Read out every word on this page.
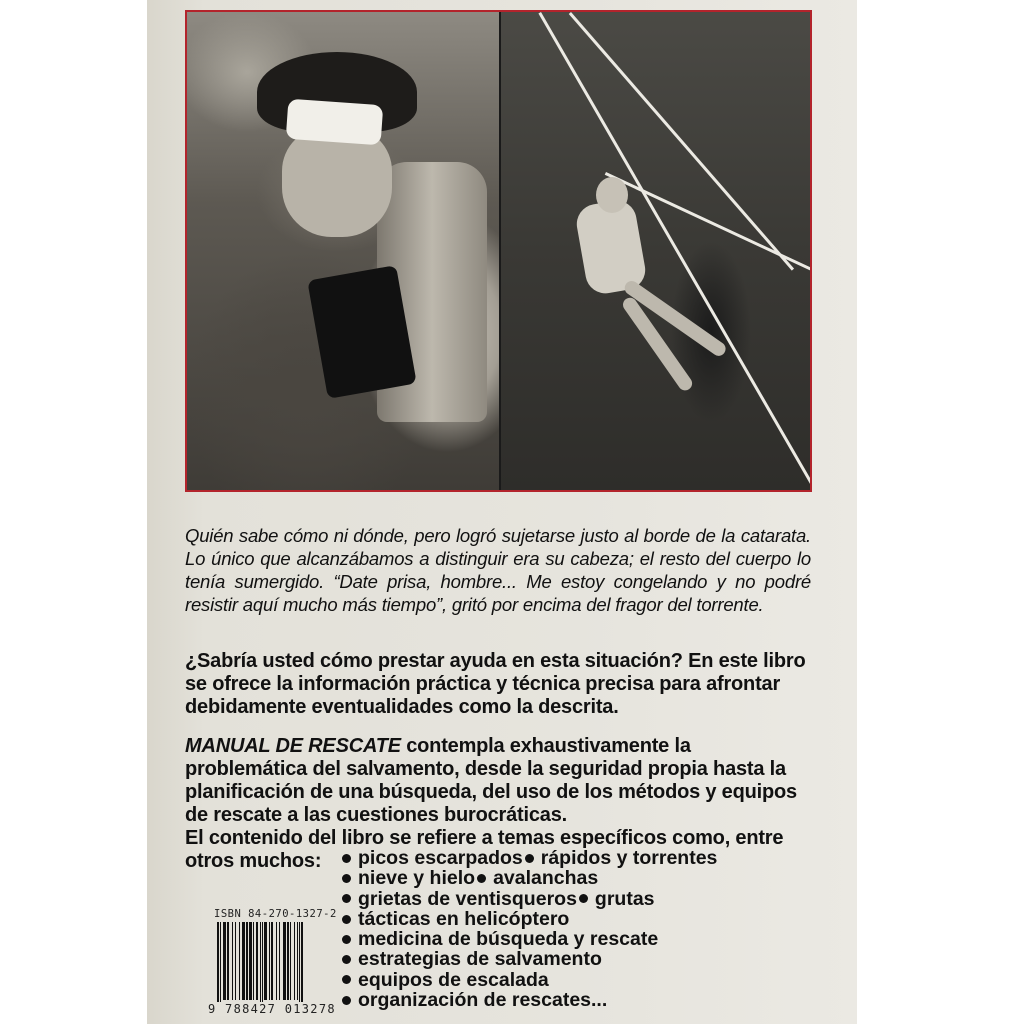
Quién sabe cómo ni dónde, pero logró sujetarse justo al borde de la catarata. Lo único que alcanzábamos a distinguir era su cabeza; el resto del cuerpo lo tenía sumergido. “Date prisa, hombre... Me estoy congelando y no podré resistir aquí mucho más tiempo”, gritó por encima del fragor del torrente.

¿Sabría usted cómo prestar ayuda en esta situación? En este libro se ofrece la información práctica y técnica precisa para afrontar debidamente eventualidades como la descrita.

MANUAL DE RESCATE contempla exhaustivamente la problemática del salvamento, desde la seguridad propia hasta la planificación de una búsqueda, del uso de los métodos y equipos de rescate a las cuestiones burocráticas.

El contenido del libro se refiere a temas específicos como, entre otros muchos:	picos escarpados rápidos y torrentes
nieve y hielo avalanchas
grietas de ventisqueros grutas
tácticas en helicóptero
medicina de búsqueda y rescate
estrategias de salvamento
equipos de escalada
organización de rescates...
ISBN 84-270-1327-2
9 788427 013278
